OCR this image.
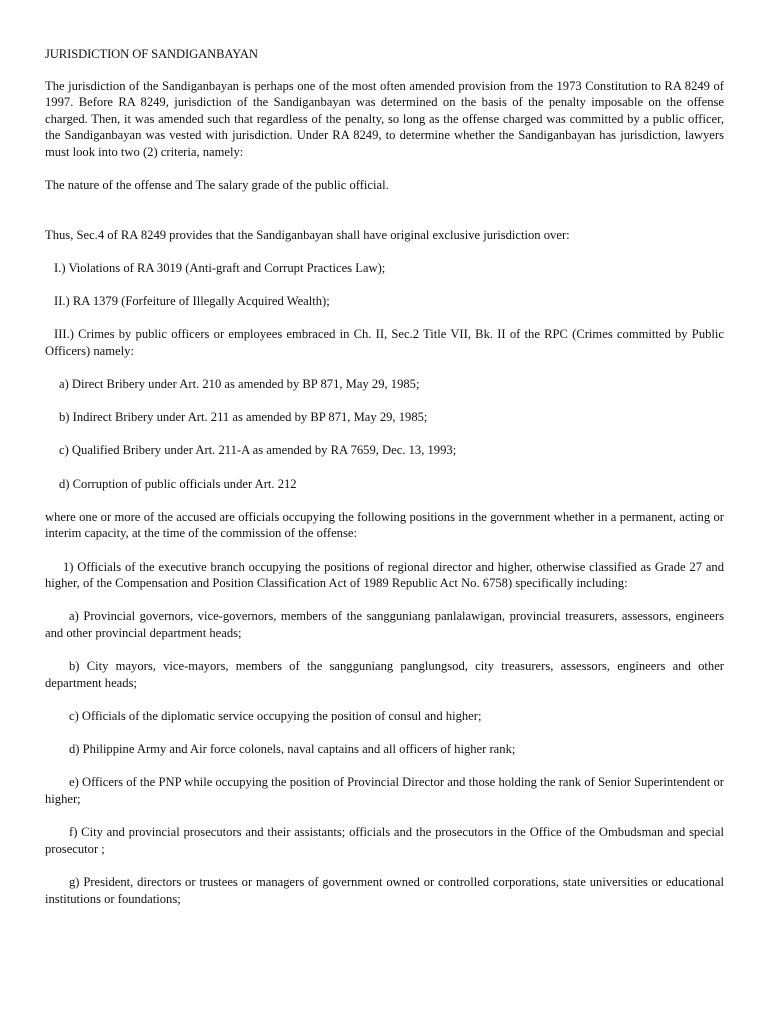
JURISDICTION OF SANDIGANBAYAN

The jurisdiction of the Sandiganbayan is perhaps one of the most often amended provision from the 1973 Constitution to RA 8249 of 1997. Before RA 8249, jurisdiction of the Sandiganbayan was determined on the basis of the penalty imposable on the offense charged. Then, it was amended such that regardless of the penalty, so long as the offense charged was committed by a public officer, the Sandiganbayan was vested with jurisdiction. Under RA 8249, to determine whether the Sandiganbayan has jurisdiction, lawyers must look into two (2) criteria, namely:

The nature of the offense and The salary grade of the public official.

Thus, Sec.4 of RA 8249 provides that the Sandiganbayan shall have original exclusive jurisdiction over:

I.) Violations of RA 3019 (Anti-graft and Corrupt Practices Law);

II.) RA 1379 (Forfeiture of Illegally Acquired Wealth);

III.) Crimes by public officers or employees embraced in Ch. II, Sec.2 Title VII, Bk. II of the RPC (Crimes committed by Public Officers) namely:

a) Direct Bribery under Art. 210 as amended by BP 871, May 29, 1985;

b) Indirect Bribery under Art. 211 as amended by BP 871, May 29, 1985;

c) Qualified Bribery under Art. 211-A as amended by RA 7659, Dec. 13, 1993;

d) Corruption of public officials under Art. 212

where one or more of the accused are officials occupying the following positions in the government whether in a permanent, acting or interim capacity, at the time of the commission of the offense:

1) Officials of the executive branch occupying the positions of regional director and higher, otherwise classified as Grade 27 and higher, of the Compensation and Position Classification Act of 1989 Republic Act No. 6758) specifically including:

a) Provincial governors, vice-governors, members of the sangguniang panlalawigan, provincial treasurers, assessors, engineers and other provincial department heads;

b) City mayors, vice-mayors, members of the sangguniang panglungsod, city treasurers, assessors, engineers and other department heads;

c) Officials of the diplomatic service occupying the position of consul and higher;

d) Philippine Army and Air force colonels, naval captains and all officers of higher rank;

e) Officers of the PNP while occupying the position of Provincial Director and those holding the rank of Senior Superintendent or higher;

f) City and provincial prosecutors and their assistants; officials and the prosecutors in the Office of the Ombudsman and special prosecutor ;

g) President, directors or trustees or managers of government owned or controlled corporations, state universities or educational institutions or foundations;
